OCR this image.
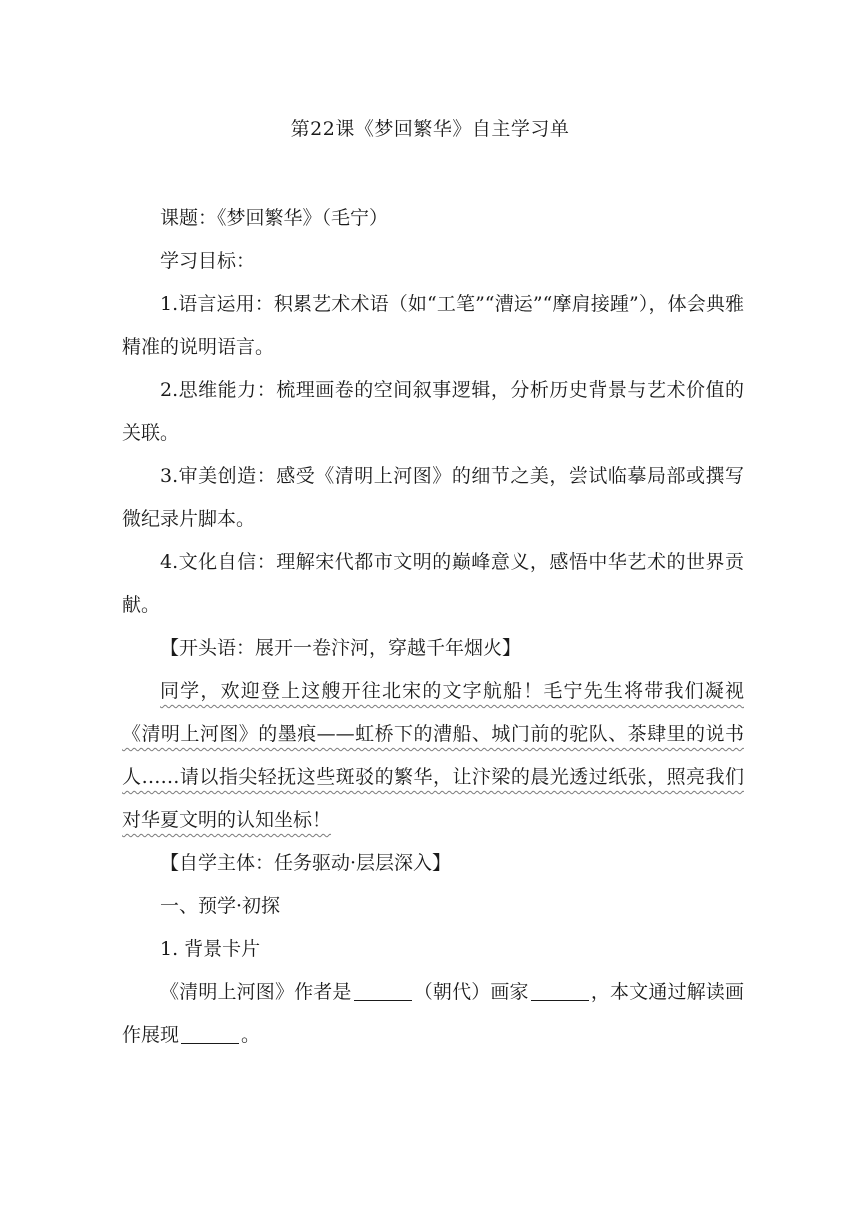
第22课《梦回繁华》自主学习单

课题：《梦回繁华》（毛宁）

学习目标：

1.语言运用：积累艺术术语（如“工笔”“漕运”“摩肩接踵”），体会典雅精准的说明语言。

2.思维能力：梳理画卷的空间叙事逻辑，分析历史背景与艺术价值的关联。

3.审美创造：感受《清明上河图》的细节之美，尝试临摹局部或撰写微纪录片脚本。

4.文化自信：理解宋代都市文明的巅峰意义，感悟中华艺术的世界贡献。

【开头语：展开一卷汴河，穿越千年烟火】

同学，欢迎登上这艘开往北宋的文字航船！毛宁先生将带我们凝视《清明上河图》的墨痕——虹桥下的漕船、城门前的驼队、茶肆里的说书人……请以指尖轻抚这些斑驳的繁华，让汴梁的晨光透过纸张，照亮我们对华夏文明的认知坐标！

【自学主体：任务驱动·层层深入】

一、预学·初探

1. 背景卡片

《清明上河图》作者是	（朝代）画家	，本文通过解读画作展现	。
